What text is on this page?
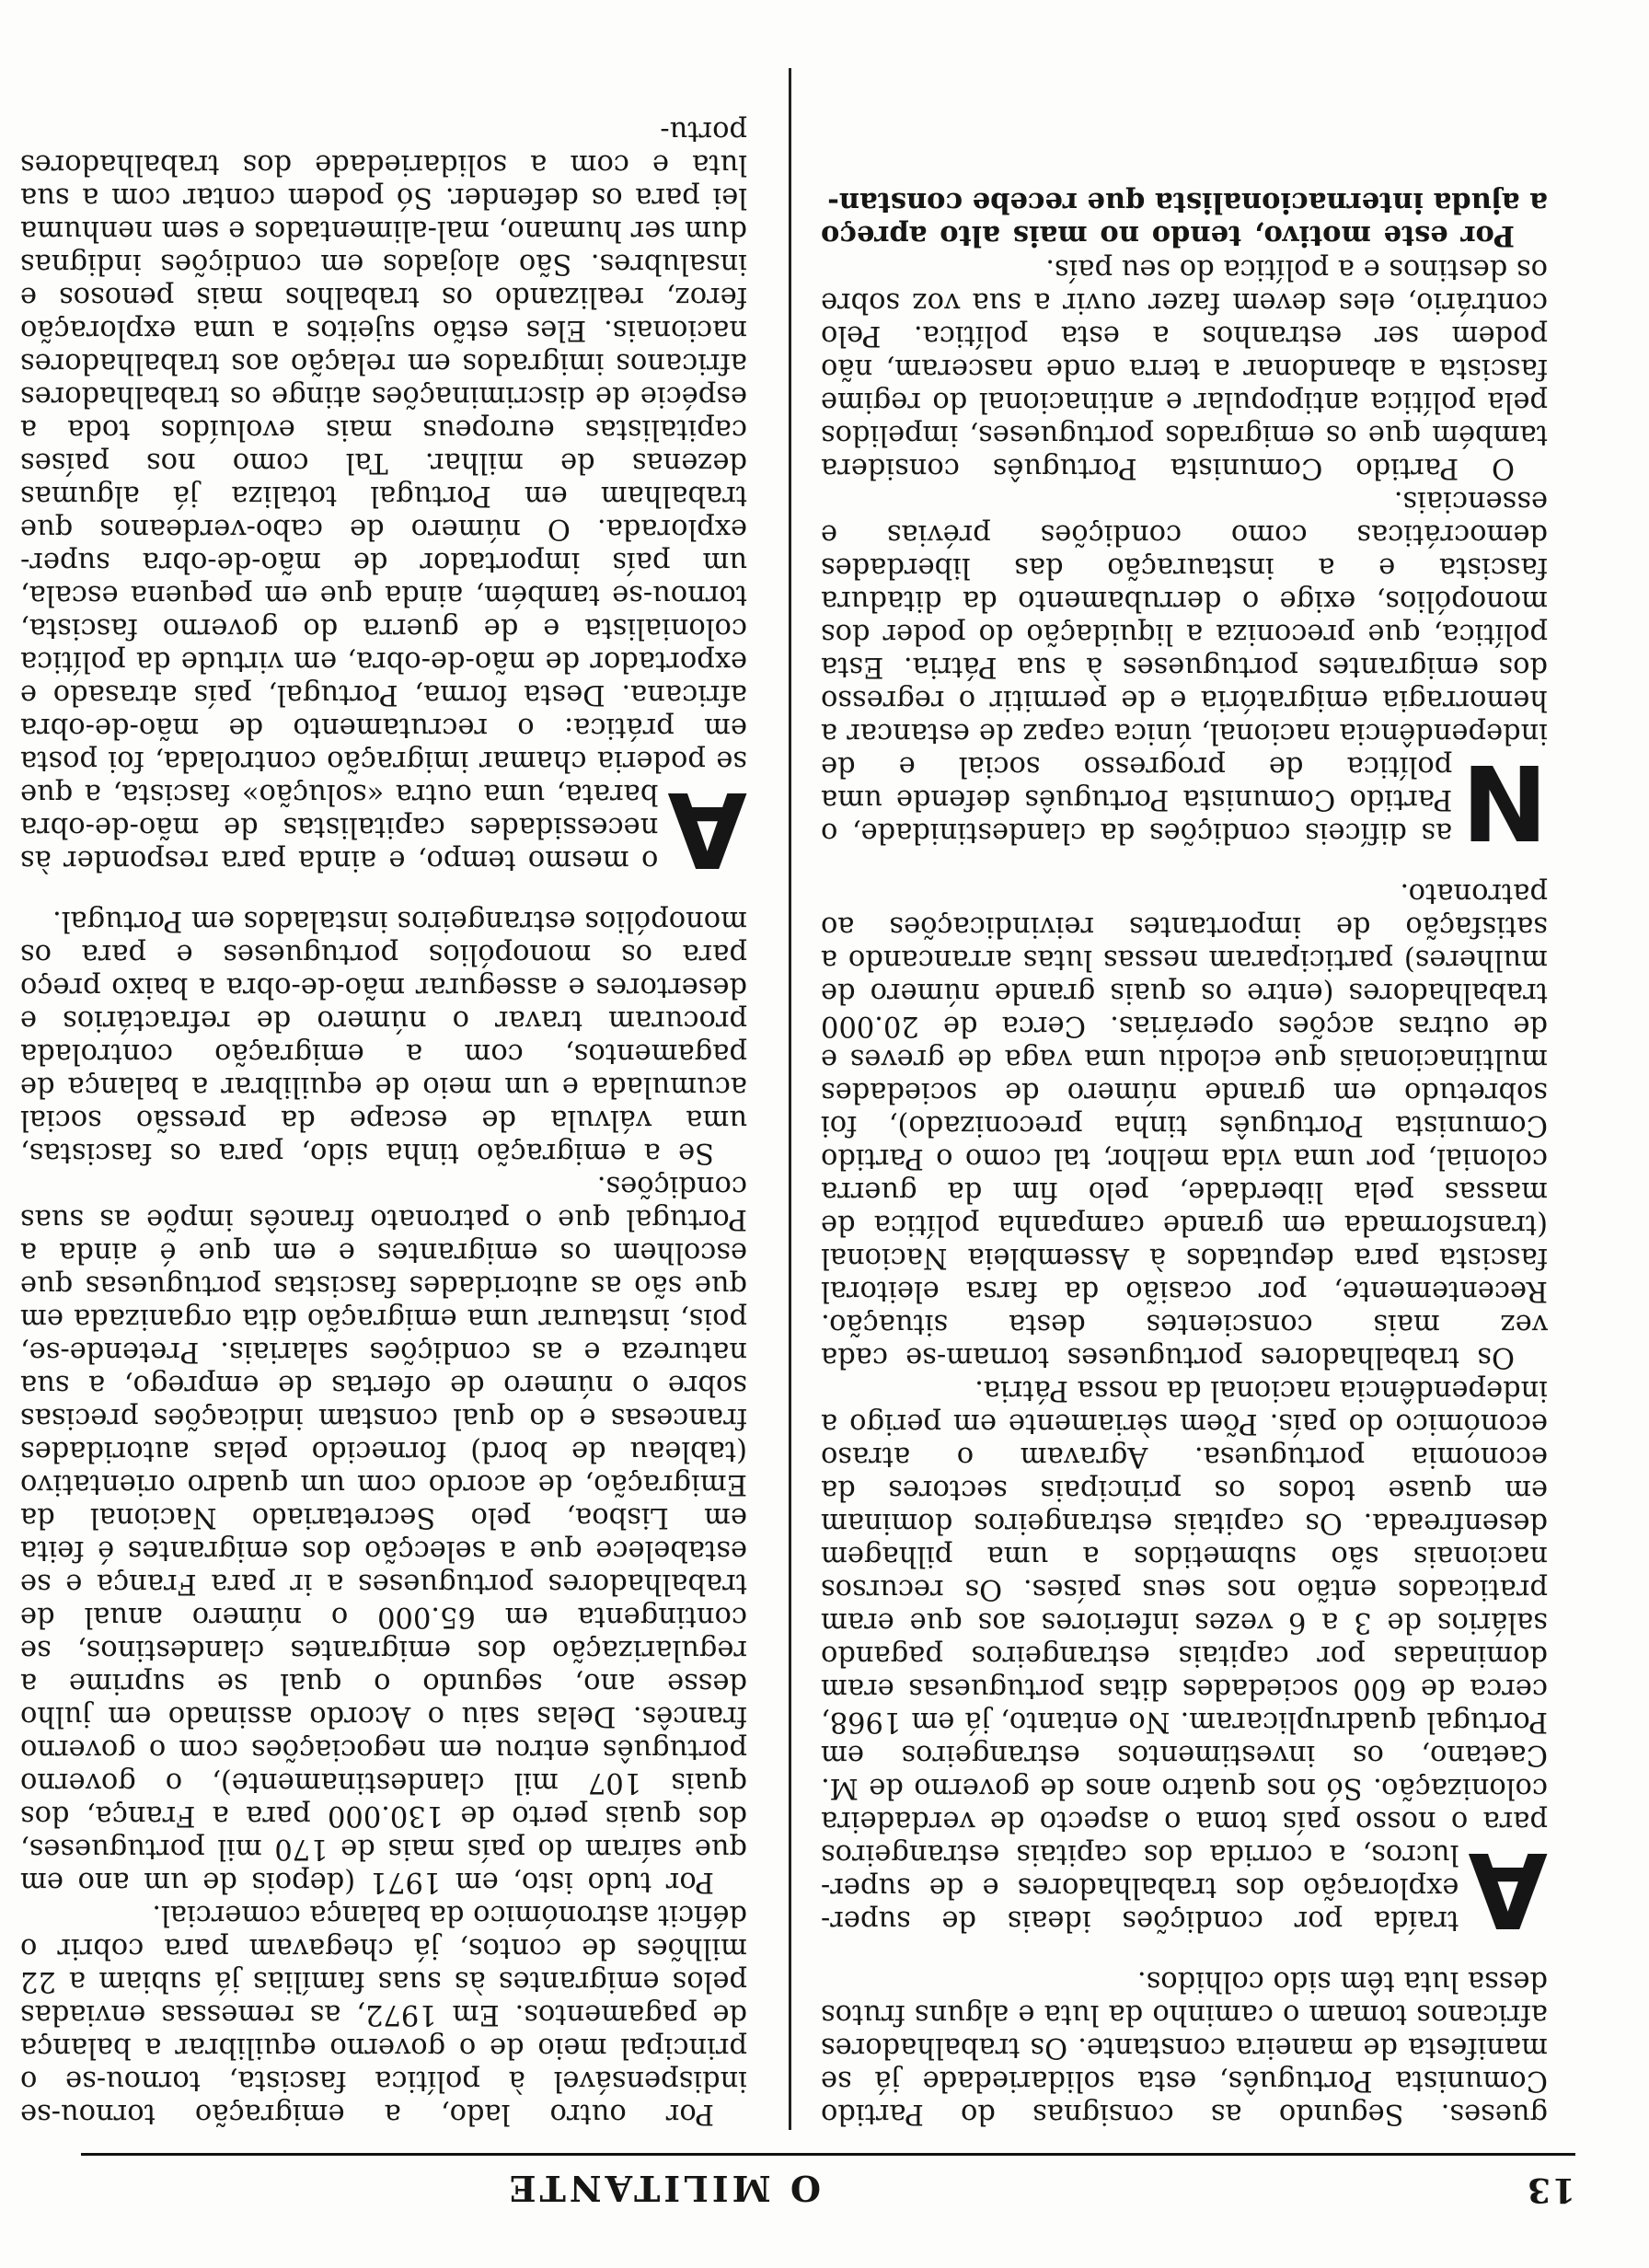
13
O MILITANTE

gueses. Segundo as consignas do Partido Comunista Português, esta solidariedade já se manifesta de maneira constante. Os trabalhadores africanos tomam o caminho da luta e alguns frutos dessa luta têm sido colhidos.

A
traída por condições ideais de super-exploração dos trabalhadores e de super-lucros, a corrida dos capitais estrangeiros para o nosso país toma o aspecto de verdadeira colonização. Só nos quatro anos de governo de M. Caetano, os investimentos estrangeiros em Portugal quadruplicaram. No entanto, já em 1968, cerca de 600 sociedades ditas portuguesas eram dominadas por capitais estrangeiros pagando salários de 3 a 6 vezes inferiores aos que eram praticados então nos seus países. Os recursos nacionais são submetidos a uma pilhagem desenfreada. Os capitais estrangeiros dominam em quase todos os principais sectores da economia portuguesa. Agravam o atraso económico do país. Põem sèriamente em perigo a independência nacional da nossa Pátria.

Os trabalhadores portugueses tornam-se cada vez mais conscientes desta situação. Recentemente, por ocasião da farsa eleitoral fascista para deputados à Assembleia Nacional (transformada em grande campanha política de massas pela liberdade, pelo fim da guerra colonial, por uma vida melhor, tal como o Partido Comunista Português tinha preconizado), foi sobretudo em grande número de sociedades multinacionais que eclodiu uma vaga de greves e de outras acções operárias. Cerca de 20.000 trabalhadores (entre os quais grande número de mulheres) participaram nessas lutas arrancando a satisfação de importantes reivindicações ao patronato.

N
as difíceis condições da clandestinidade, o Partido Comunista Português defende uma política de progresso social e de independência nacional, única capaz de estancar a hemorragia emigratória e de permitir o regresso dos emigrantes portugueses à sua Pátria. Esta política, que preconiza a liquidação do poder dos monopólios, exige o derrubamento da ditadura fascista e a instauração das liberdades democráticas como condições prévias e essenciais.

O Partido Comunista Português considera também que os emigrados portugueses, impelidos pela política antipopular e antinacional do regime fascista a abandonar a terra onde nasceram, não podem ser estranhos a esta política. Pelo contrário, eles devem fazer ouvir a sua voz sobre os destinos e a política do seu país.

Por este motivo, tendo no mais alto apreço a ajuda internacionalista que recebe constan-

Por outro lado, a emigração tornou-se indispensável à política fascista, tornou-se o principal meio de o governo equilibrar a balança de pagamentos. Em 1972, as remessas enviadas pelos emigrantes às suas famílias já subiam a 22 milhões de contos, já chegavam para cobrir o déficit astronómico da balança comercial.

Por tudo isto, em 1971 (depois de um ano em que saíram do país mais de 170 mil portugueses, dos quais perto de 130.000 para a França, dos quais 107 mil clandestinamente), o governo português entrou em negociações com o governo francês. Delas saiu o Acordo assinado em julho desse ano, segundo o qual se suprime a regularização dos emigrantes clandestinos, se contingenta em 65.000 o número anual de trabalhadores portugueses a ir para França e se estabelece que a selecção dos emigrantes é feita em Lisboa, pelo Secretariado Nacional da Emigração, de acordo com um quadro orientativo (tableau de bord) fornecido pelas autoridades francesas e do qual constam indicações precisas sobre o número de ofertas de emprego, a sua natureza e as condições salariais. Pretende-se, pois, instaurar uma emigração dita organizada em que são as autoridades fascistas portuguesas que escolhem os emigrantes e em que é ainda a Portugal que o patronato francês impõe as suas condições.

Se a emigração tinha sido, para os fascistas, uma válvula de escape da pressão social acumulada e um meio de equilibrar a balança de pagamentos, com a emigração controlada procuram travar o número de refractários e desertores e assegurar mão-de-obra a baixo preço para os monopólios portugueses e para os monopólios estrangeiros instalados em Portugal.

A
o mesmo tempo, e ainda para responder às necessidades capitalistas de mão-de-obra barata, uma outra «solução» fascista, a que se poderia chamar imigração controlada, foi posta em prática: o recrutamento de mão-de-obra africana. Desta forma, Portugal, país atrasado e exportador de mão-de-obra, em virtude da política colonialista e de guerra do governo fascista, tornou-se também, ainda que em pequena escala, um país importador de mão-de-obra super-explorada. O número de cabo-verdeanos que trabalham em Portugal totaliza já algumas dezenas de milhar. Tal como nos países capitalistas europeus mais evoluídos toda a espécie de discriminações atinge os trabalhadores africanos imigrados em relação aos trabalhadores nacionais. Eles estão sujeitos a uma exploração feroz, realizando os trabalhos mais penosos e insalubres. São alojados em condições indignas dum ser humano, mal-alimentados e sem nenhuma lei para os defender. Só podem contar com a sua luta e com a solidariedade dos trabalhadores portu-
